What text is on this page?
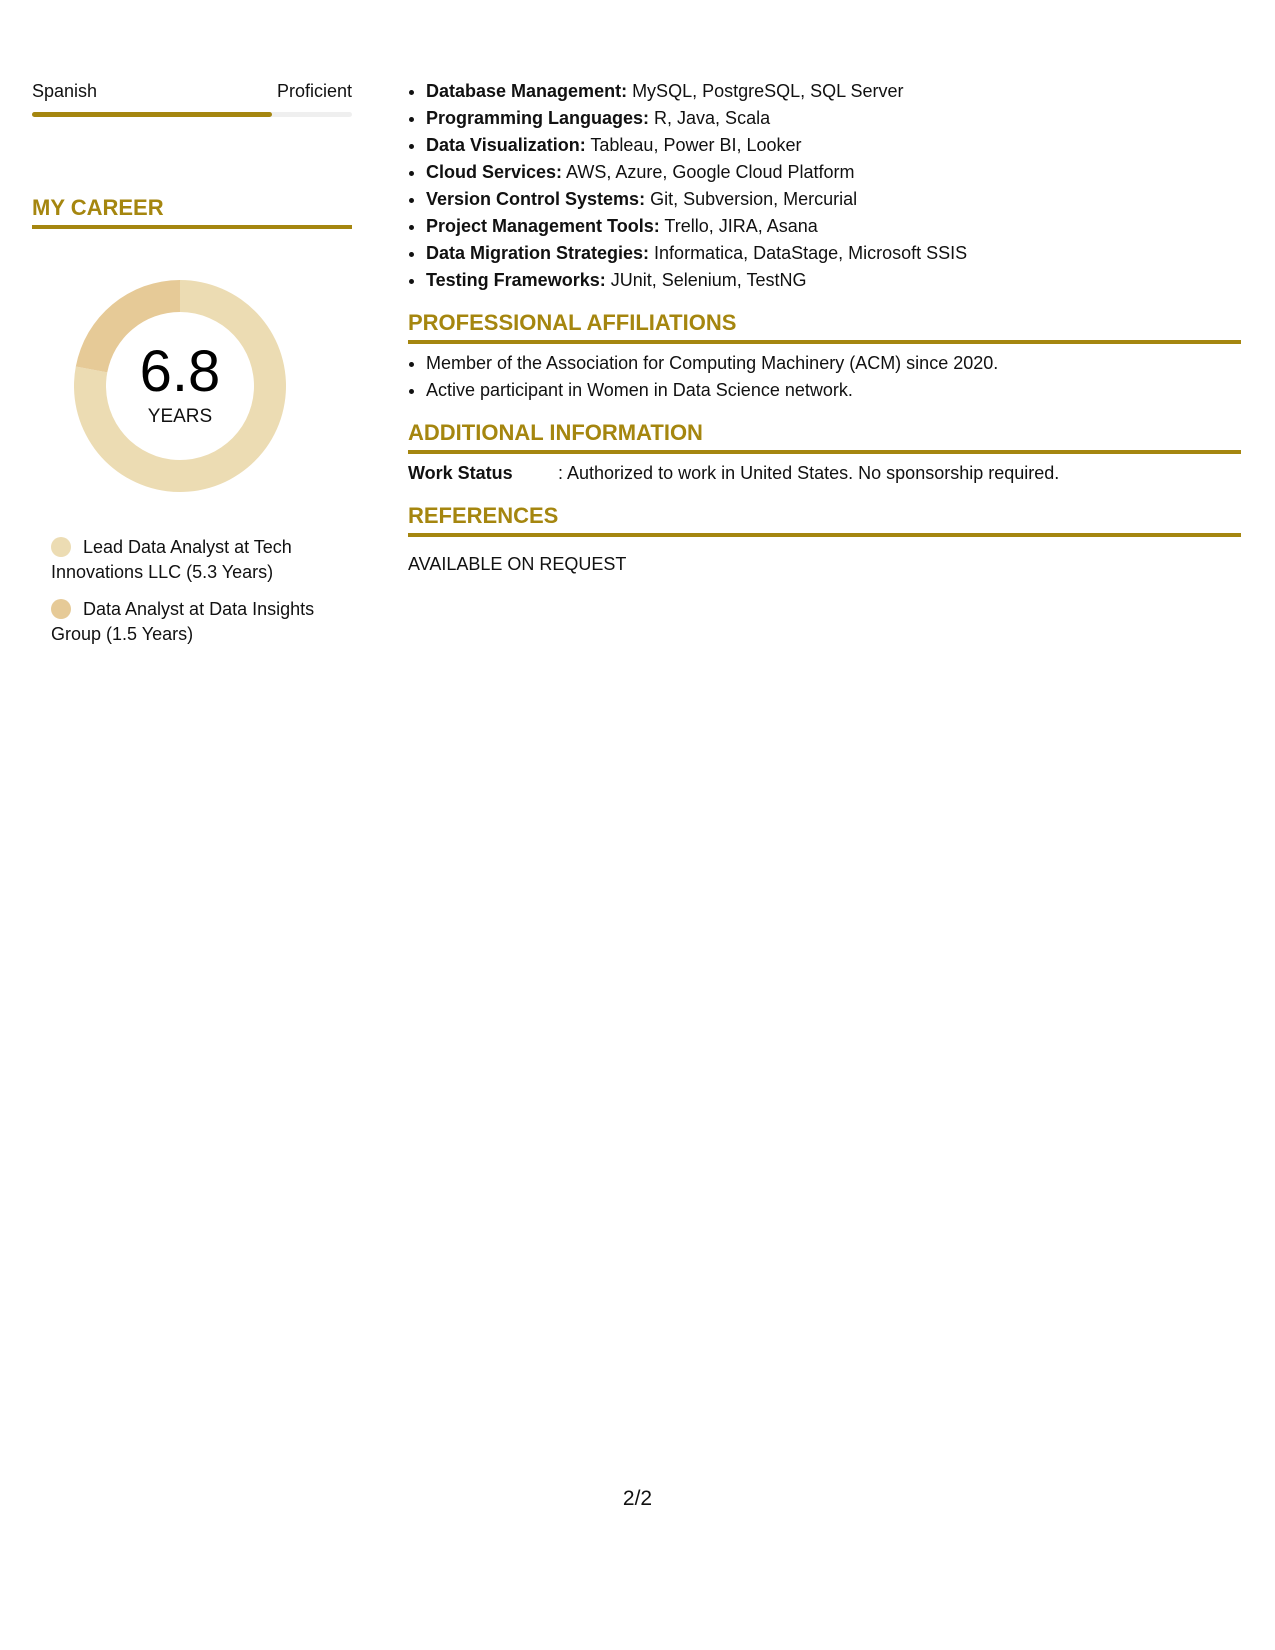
Spanish	Proficient
MY CAREER
6.8
YEARS
Lead Data Analyst at Tech Innovations LLC (5.3 Years)
Data Analyst at Data Insights Group (1.5 Years)
• Database Management: MySQL, PostgreSQL, SQL Server
• Programming Languages: R, Java, Scala
• Data Visualization: Tableau, Power BI, Looker
• Cloud Services: AWS, Azure, Google Cloud Platform
• Version Control Systems: Git, Subversion, Mercurial
• Project Management Tools: Trello, JIRA, Asana
• Data Migration Strategies: Informatica, DataStage, Microsoft SSIS
• Testing Frameworks: JUnit, Selenium, TestNG
PROFESSIONAL AFFILIATIONS
• Member of the Association for Computing Machinery (ACM) since 2020.
• Active participant in Women in Data Science network.
ADDITIONAL INFORMATION
Work Status	: Authorized to work in United States. No sponsorship required.
REFERENCES
AVAILABLE ON REQUEST
2/2
